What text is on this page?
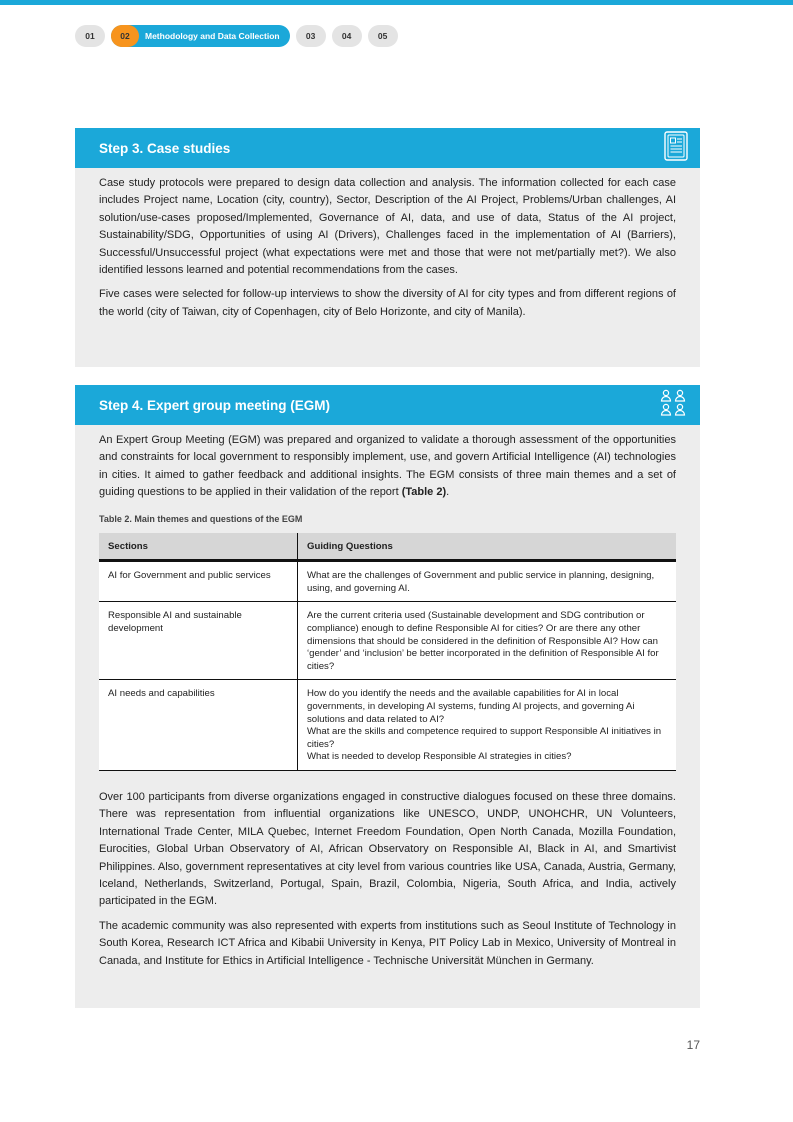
01	02	Methodology and Data Collection	03	04	05
Step 3. Case studies

Case study protocols were prepared to design data collection and analysis. The information collected for each case includes Project name, Location (city, country), Sector, Description of the AI Project, Problems/Urban challenges, AI solution/use-cases proposed/Implemented, Governance of AI, data, and use of data, Status of the AI project, Sustainability/SDG, Opportunities of using AI (Drivers), Challenges faced in the implementation of AI (Barriers), Successful/Unsuccessful project (what expectations were met and those that were not met/partially met?). We also identified lessons learned and potential recommendations from the cases.

Five cases were selected for follow-up interviews to show the diversity of AI for city types and from different regions of the world (city of Taiwan, city of Copenhagen, city of Belo Horizonte, and city of Manila).

Step 4. Expert group meeting (EGM)

An Expert Group Meeting (EGM) was prepared and organized to validate a thorough assessment of the opportunities and constraints for local government to responsibly implement, use, and govern Artificial Intelligence (AI) technologies in cities. It aimed to gather feedback and additional insights. The EGM consists of three main themes and a set of guiding questions to be applied in their validation of the report (Table 2).

Table 2. Main themes and questions of the EGM
Sections	Guiding Questions
AI for Government and public services	What are the challenges of Government and public service in planning, designing, using, and governing AI.
Responsible AI and sustainable development	Are the current criteria used (Sustainable development and SDG contribution or compliance) enough to define Responsible AI for cities? Or are there any other dimensions that should be considered in the definition of Responsible AI? How can ‘gender’ and ‘inclusion’ be better incorporated in the definition of Responsible AI for cities?
AI needs and capabilities	How do you identify the needs and the available capabilities for AI in local governments, in developing AI systems, funding AI projects, and governing Ai solutions and data related to AI?
What are the skills and competence required to support Responsible AI initiatives in cities?
What is needed to develop Responsible AI strategies in cities?

Over 100 participants from diverse organizations engaged in constructive dialogues focused on these three domains. There was representation from influential organizations like UNESCO, UNDP, UNOHCHR, UN Volunteers, International Trade Center, MILA Quebec, Internet Freedom Foundation, Open North Canada, Mozilla Foundation, Eurocities, Global Urban Observatory of AI, African Observatory on Responsible AI, Black in AI, and Smartivist Philippines. Also, government representatives at city level from various countries like USA, Canada, Austria, Germany, Iceland, Netherlands, Switzerland, Portugal, Spain, Brazil, Colombia, Nigeria, South Africa, and India, actively participated in the EGM.

The academic community was also represented with experts from institutions such as Seoul Institute of Technology in South Korea, Research ICT Africa and Kibabii University in Kenya, PIT Policy Lab in Mexico, University of Montreal in Canada, and Institute for Ethics in Artificial Intelligence - Technische Universität München in Germany.

17
